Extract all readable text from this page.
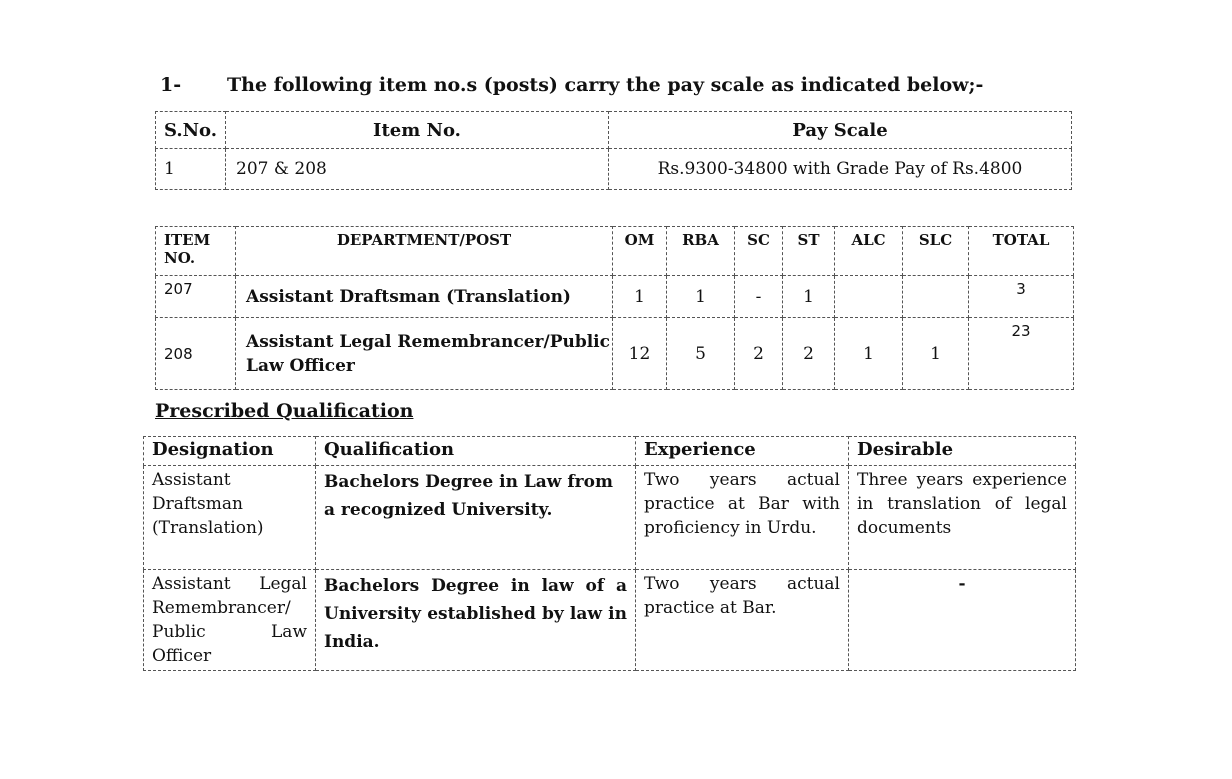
1- The following item no.s (posts) carry the pay scale as indicated below;-
S.No.	Item No.	Pay Scale
1	207 & 208	Rs.9300-34800 with Grade Pay of Rs.4800
ITEM NO.	DEPARTMENT/POST	OM	RBA	SC	ST	ALC	SLC	TOTAL
207	Assistant Draftsman (Translation)	1	1	-	1			3
208	Assistant Legal Remembrancer/Public Law Officer	12	5	2	2	1	1	23
Prescribed Qualification
Designation	Qualification	Experience	Desirable
Assistant Draftsman (Translation)	Bachelors Degree in Law from a recognized University.	Two years actual practice at Bar with proficiency in Urdu.	Three years experience in translation of legal documents
Assistant Legal Remembrancer/ Public Law Officer	Bachelors Degree in law of a University established by law in India.	Two years actual practice at Bar.	-
